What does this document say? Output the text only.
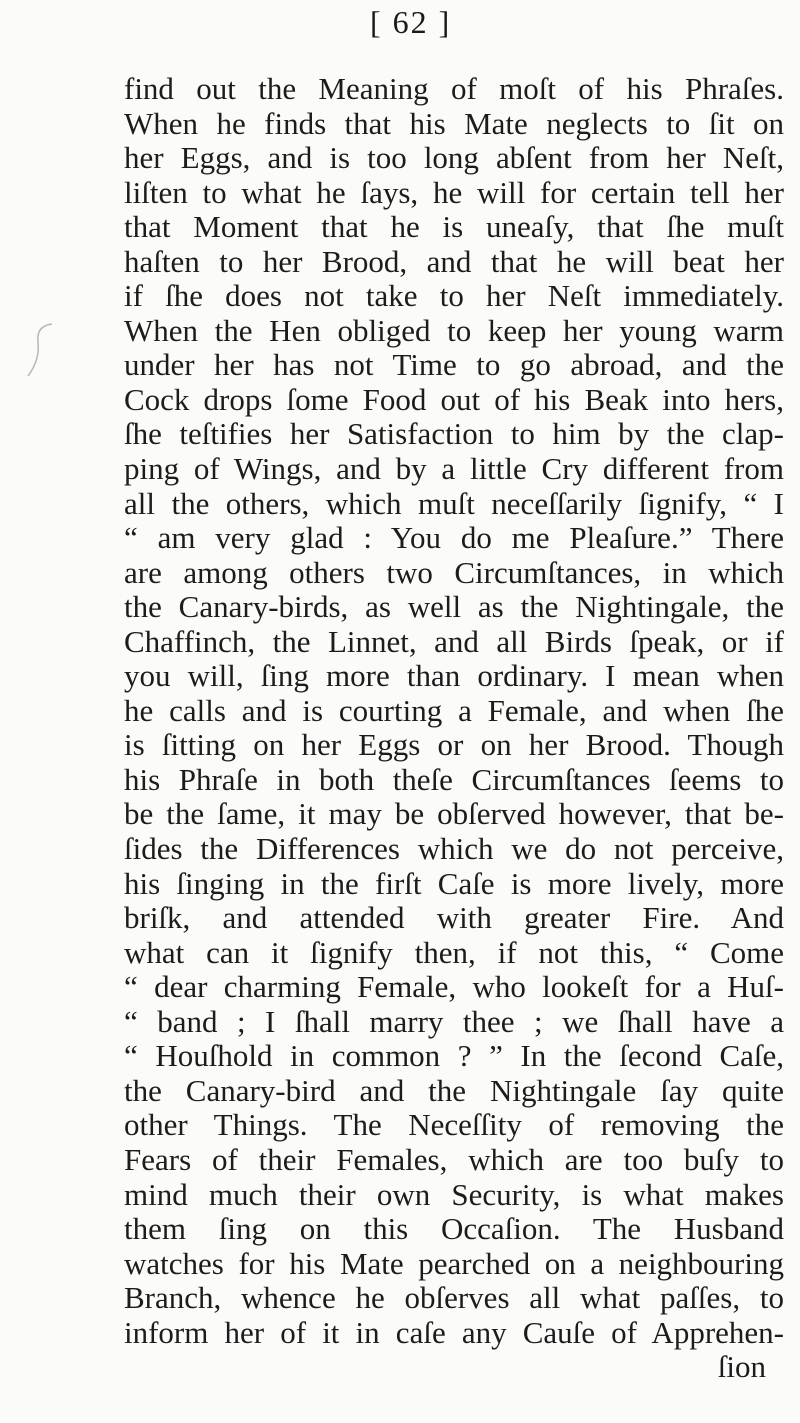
[ 62 ]
find out the Meaning of moſt of his Phraſes.
When he finds that his Mate neglects to ſit on
her Eggs, and is too long abſent from her Neſt,
liſten to what he ſays, he will for certain tell her
that Moment that he is uneaſy, that ſhe muſt
haſten to her Brood, and that he will beat her
if ſhe does not take to her Neſt immediately.
When the Hen obliged to keep her young warm
under her has not Time to go abroad, and the
Cock drops ſome Food out of his Beak into hers,
ſhe teſtifies her Satisfaction to him by the clap-
ping of Wings, and by a little Cry different from
all the others, which muſt neceſſarily ſignify, “ I
“ am very glad : You do me Pleaſure.” There
are among others two Circumſtances, in which
the Canary-birds, as well as the Nightingale, the
Chaffinch, the Linnet, and all Birds ſpeak, or if
you will, ſing more than ordinary. I mean when
he calls and is courting a Female, and when ſhe
is ſitting on her Eggs or on her Brood. Though
his Phraſe in both theſe Circumſtances ſeems to
be the ſame, it may be obſerved however, that be-
ſides the Differences which we do not perceive,
his ſinging in the firſt Caſe is more lively, more
briſk, and attended with greater Fire. And
what can it ſignify then, if not this, “ Come
“ dear charming Female, who lookeſt for a Huſ-
“ band ; I ſhall marry thee ; we ſhall have a
“ Houſhold in common ? ” In the ſecond Caſe,
the Canary-bird and the Nightingale ſay quite
other Things. The Neceſſity of removing the
Fears of their Females, which are too buſy to
mind much their own Security, is what makes
them ſing on this Occaſion. The Husband
watches for his Mate pearched on a neighbouring
Branch, whence he obſerves all what paſſes, to
inform her of it in caſe any Cauſe of Apprehen-
ſion
